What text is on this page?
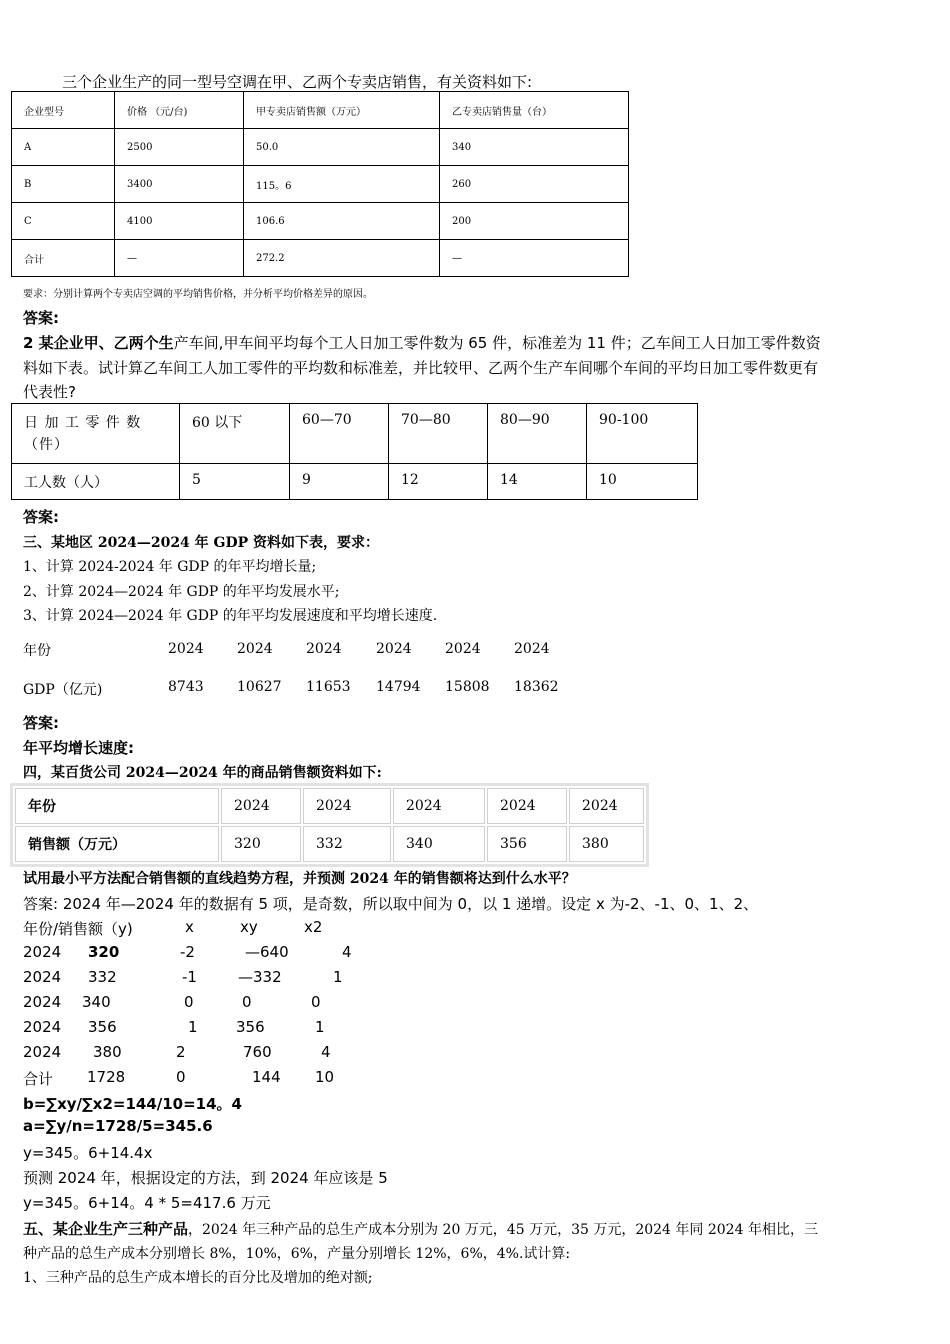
三个企业生产的同一型号空调在甲、乙两个专卖店销售，有关资料如下:
企业型号	价格 （元/台)	甲专卖店销售额（万元）	乙专卖店销售量（台）
A	2500	50.0	340
B	3400	115。6	260
C	4100	106.6	200
合计	—	272.2	—
要求：分别计算两个专卖店空调的平均销售价格，并分析平均价格差异的原因。
答案:
2 某企业甲、乙两个生产车间,甲车间平均每个工人日加工零件数为 65 件，标准差为 11 件；乙车间工人日加工零件数资
料如下表。试计算乙车间工人加工零件的平均数和标准差，并比较甲、乙两个生产车间哪个车间的平均日加工零件数更有
代表性?
日 加 工 零 件 数 （件）	60 以下	60—70	70—80	80—90	90-100
工人数（人）	5	9	12	14	10
答案:
三、某地区 2024—2024 年 GDP 资料如下表，要求：
1、计算 2024-2024 年 GDP 的年平均增长量;
2、计算 2024—2024 年 GDP 的年平均发展水平;
3、计算 2024—2024 年 GDP 的年平均发展速度和平均增长速度.
年份	2024 2024 2024 2024 2024 2024
GDP（亿元)	8743 10627 11653 14794 15808 18362
答案:
年平均增长速度:
四，某百货公司 2024—2024 年的商品销售额资料如下:
年份	2024	2024	2024	2024	2024
销售额（万元）	320	332	340	356	380
试用最小平方法配合销售额的直线趋势方程，并预测 2024 年的销售额将达到什么水平？
答案: 2024 年—2024 年的数据有 5 项，是奇数，所以取中间为 0，以 1 递增。设定 x 为-2、-1、0、1、2、
年份/销售额（y)	x	xy	x2
2024 320	-2	—640	4
2024 332	-1	—332	1
2024 340	0	0	0
2024 356	1	356	1
2024 380	2	760	4
合计 1728	0	144 10
b=∑xy/∑x2=144/10=14。4
a=∑y/n=1728/5=345.6
y=345。6+14.4x
预测 2024 年，根据设定的方法，到 2024 年应该是 5
y=345。6+14。4 * 5=417.6 万元
五、某企业生产三种产品，2024 年三种产品的总生产成本分别为 20 万元，45 万元，35 万元，2024 年同 2024 年相比，三
种产品的总生产成本分别增长 8%，10%，6%，产量分别增长 12%，6%，4%.试计算:
1、三种产品的总生产成本增长的百分比及增加的绝对额;
